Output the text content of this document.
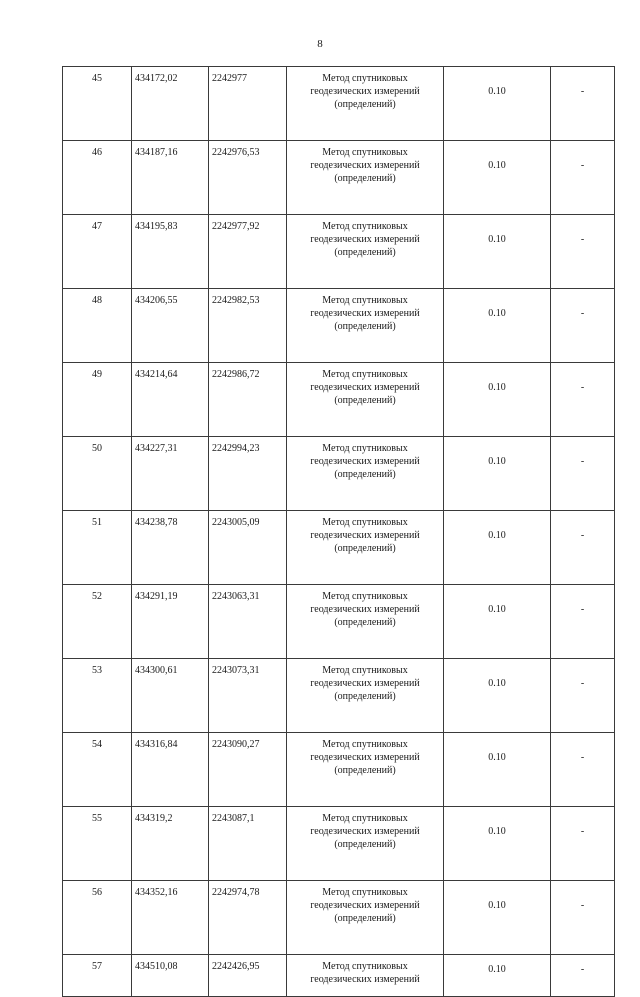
8
45	434172,02	2242977	Метод спутниковых
геодезических измерений
(определений)	0.10	-
46	434187,16	2242976,53	Метод спутниковых
геодезических измерений
(определений)	0.10	-
47	434195,83	2242977,92	Метод спутниковых
геодезических измерений
(определений)	0.10	-
48	434206,55	2242982,53	Метод спутниковых
геодезических измерений
(определений)	0.10	-
49	434214,64	2242986,72	Метод спутниковых
геодезических измерений
(определений)	0.10	-
50	434227,31	2242994,23	Метод спутниковых
геодезических измерений
(определений)	0.10	-
51	434238,78	2243005,09	Метод спутниковых
геодезических измерений
(определений)	0.10	-
52	434291,19	2243063,31	Метод спутниковых
геодезических измерений
(определений)	0.10	-
53	434300,61	2243073,31	Метод спутниковых
геодезических измерений
(определений)	0.10	-
54	434316,84	2243090,27	Метод спутниковых
геодезических измерений
(определений)	0.10	-
55	434319,2	2243087,1	Метод спутниковых
геодезических измерений
(определений)	0.10	-
56	434352,16	2242974,78	Метод спутниковых
геодезических измерений
(определений)	0.10	-
57	434510,08	2242426,95	Метод спутниковых
геодезических измерений	0.10	-
